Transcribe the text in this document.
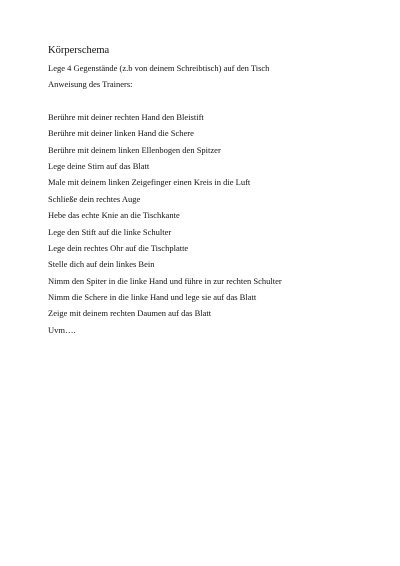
Körperschema
Lege 4 Gegenstände (z.b von deinem Schreibtisch) auf den Tisch
Anweisung des Trainers:
Berühre mit deiner rechten Hand den Bleistift
Berühre mit deiner linken Hand die Schere
Berühre mit deinem linken Ellenbogen den Spitzer
Lege deine Stirn auf das Blatt
Male mit deinem linken Zeigefinger einen Kreis in die Luft
Schließe dein rechtes Auge
Hebe das echte Knie an die Tischkante
Lege den Stift auf die linke Schulter
Lege dein rechtes Ohr auf die Tischplatte
Stelle dich auf dein linkes Bein
Nimm den Spiter in die linke Hand und führe in zur rechten Schulter
Nimm die Schere in die linke Hand und lege sie auf das Blatt
Zeige mit deinem rechten Daumen auf das Blatt
Uvm….
